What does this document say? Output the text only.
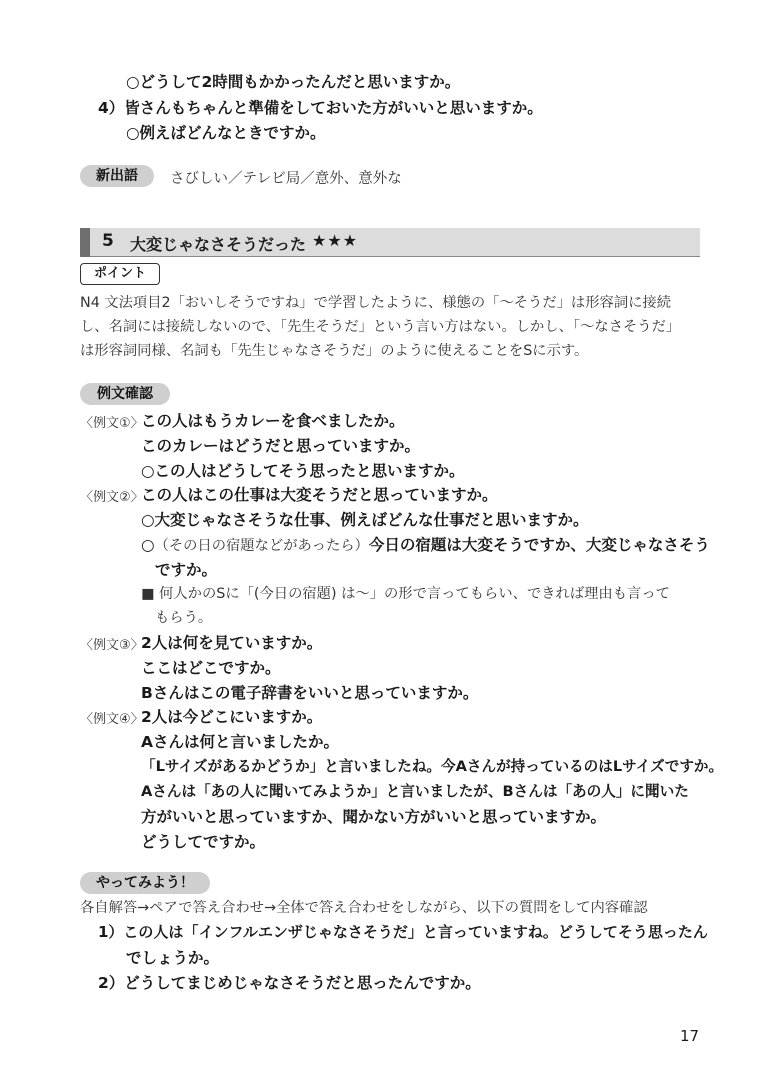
○どうして2時間もかかったんだと思いますか。
4）皆さんもちゃんと準備をしておいた方がいいと思いますか。
○例えばどんなときですか。
新出語	さびしい／テレビ局／意外、意外な
5 大変じゃなさそうだった ★★★
ポイント
N4 文法項目2「おいしそうですね」で学習したように、様態の「～そうだ」は形容詞に接続
し、名詞には接続しないので、「先生そうだ」という言い方はない。しかし、「～なさそうだ」
は形容詞同様、名詞も「先生じゃなさそうだ」のように使えることをSに示す。
例文確認
〈例文①〉
この人はもうカレーを食べましたか。
このカレーはどうだと思っていますか。
○この人はどうしてそう思ったと思いますか。
〈例文②〉
この人はこの仕事は大変そうだと思っていますか。
○大変じゃなさそうな仕事、例えばどんな仕事だと思いますか。
○（その日の宿題などがあったら）今日の宿題は大変そうですか、大変じゃなさそう
ですか。
■ 何人かのSに「(今日の宿題) は～」の形で言ってもらい、できれば理由も言って
もらう。
〈例文③〉
2人は何を見ていますか。
ここはどこですか。
Bさんはこの電子辞書をいいと思っていますか。
〈例文④〉
2人は今どこにいますか。
Aさんは何と言いましたか。
「Lサイズがあるかどうか」と言いましたね。今Aさんが持っているのはLサイズですか。
Aさんは「あの人に聞いてみようか」と言いましたが、Bさんは「あの人」に聞いた
方がいいと思っていますか、聞かない方がいいと思っていますか。
どうしてですか。
やってみよう！
各自解答→ペアで答え合わせ→全体で答え合わせをしながら、以下の質問をして内容確認
1）この人は「インフルエンザじゃなさそうだ」と言っていますね。どうしてそう思ったん
でしょうか。
2）どうしてまじめじゃなさそうだと思ったんですか。
17
